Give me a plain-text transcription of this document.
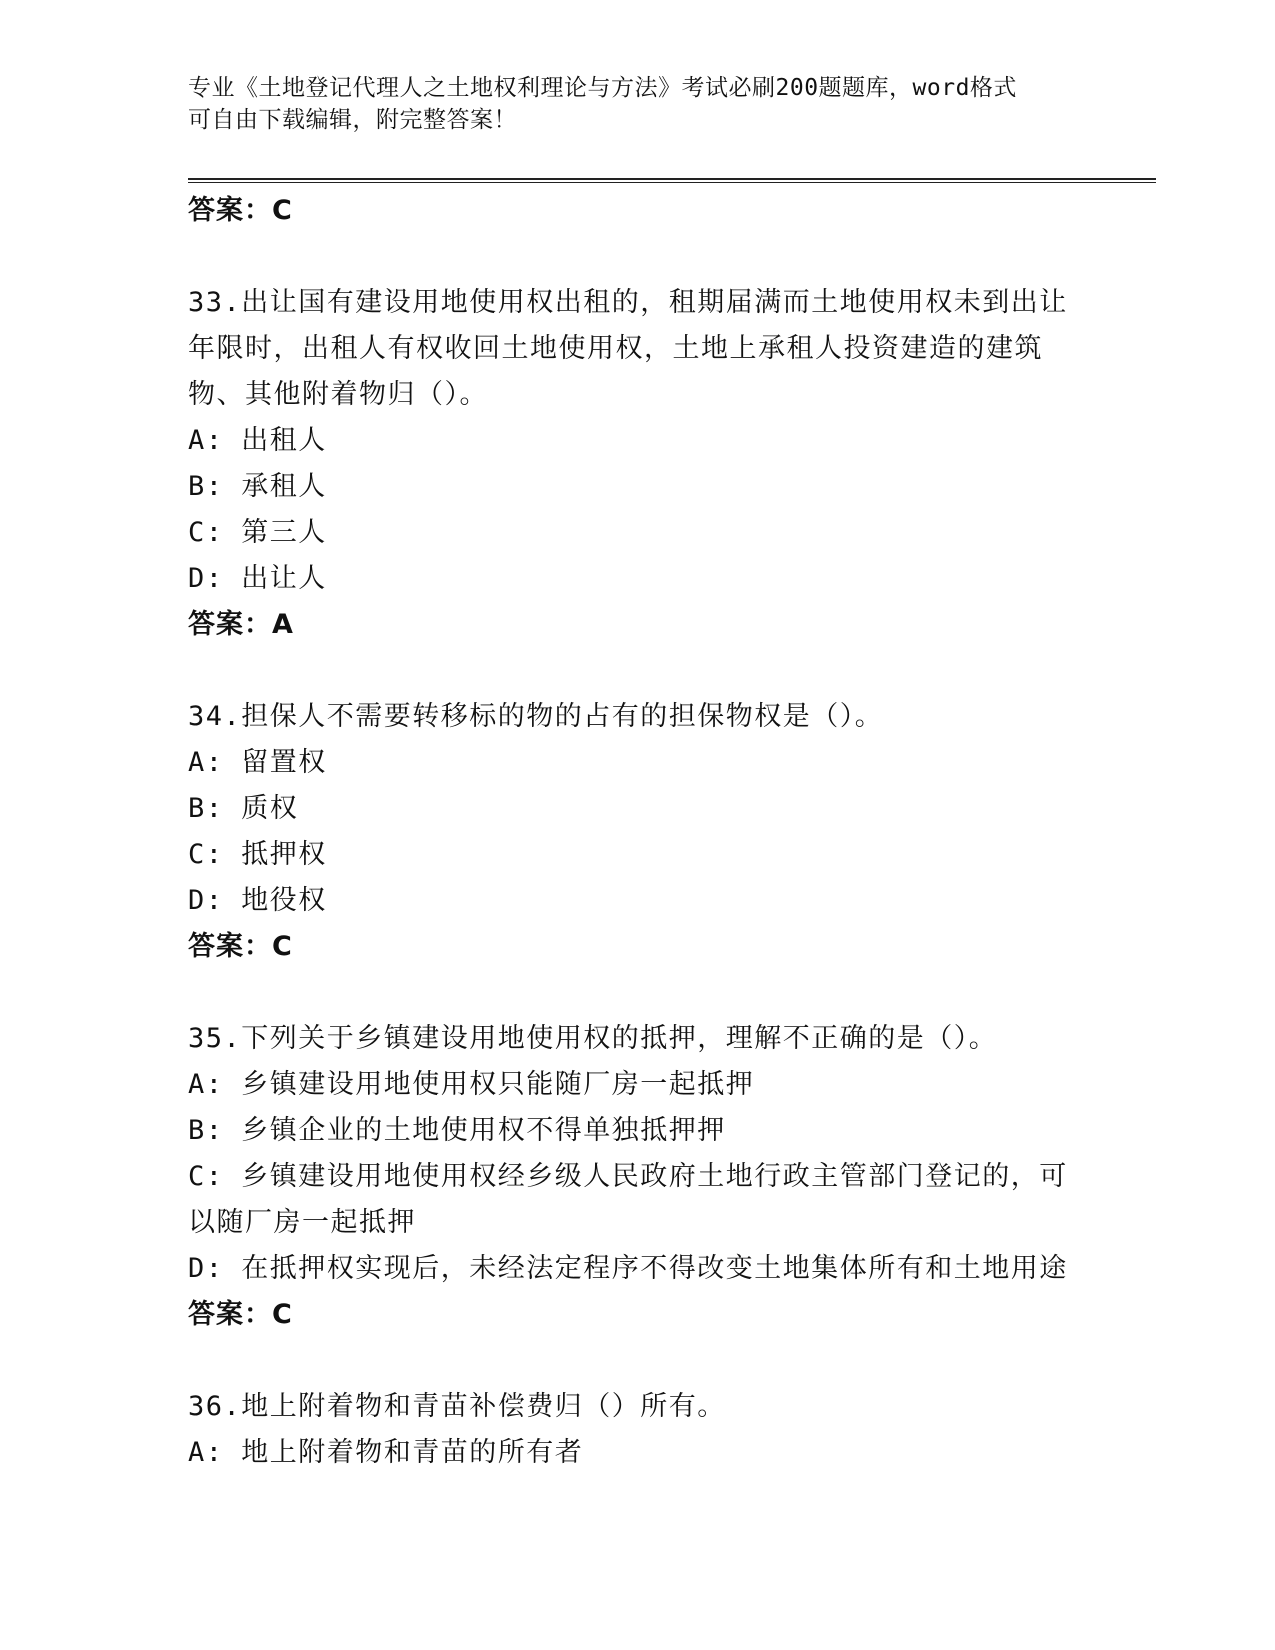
专业《土地登记代理人之土地权利理论与方法》考试必刷200题题库，word格式
可自由下载编辑，附完整答案！
答案：C
33.出让国有建设用地使用权出租的，租期届满而土地使用权未到出让
年限时，出租人有权收回土地使用权，土地上承租人投资建造的建筑
物、其他附着物归（）。
A: 出租人
B: 承租人
C: 第三人
D: 出让人
答案：A
34.担保人不需要转移标的物的占有的担保物权是（）。
A: 留置权
B: 质权
C: 抵押权
D: 地役权
答案：C
35.下列关于乡镇建设用地使用权的抵押，理解不正确的是（）。
A: 乡镇建设用地使用权只能随厂房一起抵押
B: 乡镇企业的土地使用权不得单独抵押押
C: 乡镇建设用地使用权经乡级人民政府土地行政主管部门登记的，可
以随厂房一起抵押
D: 在抵押权实现后，未经法定程序不得改变土地集体所有和土地用途
答案：C
36.地上附着物和青苗补偿费归（）所有。
A: 地上附着物和青苗的所有者
